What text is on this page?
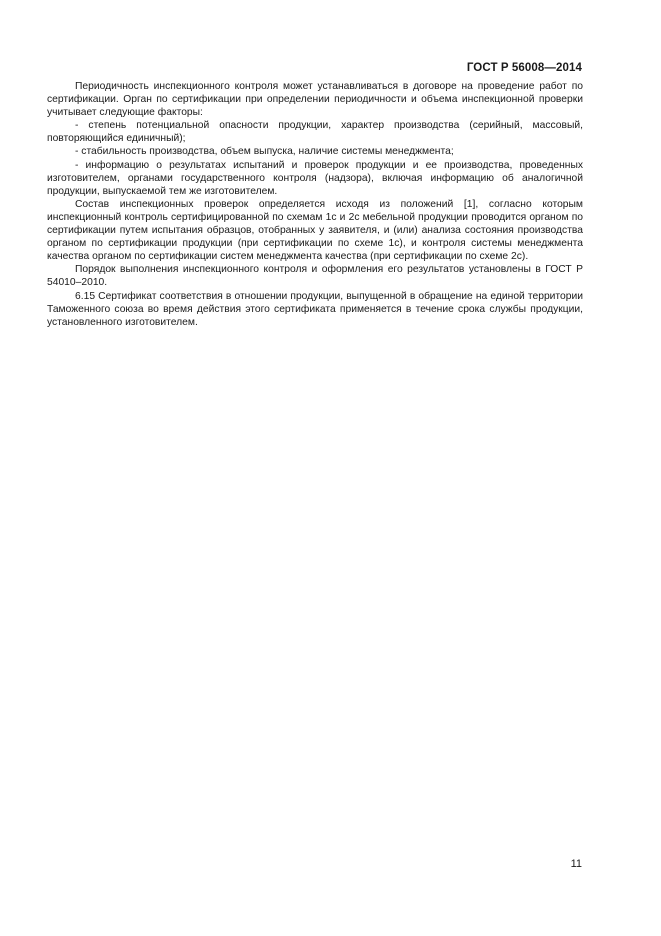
ГОСТ Р 56008—2014

Периодичность инспекционного контроля может устанавливаться в договоре на проведение работ по сертификации. Орган по сертификации при определении периодичности и объема инспекционной проверки учитывает следующие факторы:

- степень потенциальной опасности продукции, характер производства (серийный, массовый, повторяющийся единичный);

- стабильность производства, объем выпуска, наличие системы менеджмента;

- информацию о результатах испытаний и проверок продукции и ее производства, проведенных изготовителем, органами государственного контроля (надзора), включая информацию об аналогичной продукции, выпускаемой тем же изготовителем.

Состав инспекционных проверок определяется исходя из положений [1], согласно которым инспекционный контроль сертифицированной по схемам 1с и 2с мебельной продукции проводится органом по сертификации путем испытания образцов, отобранных у заявителя, и (или) анализа состояния производства органом по сертификации продукции (при сертификации по схеме 1с), и контроля системы менеджмента качества органом по сертификации систем менеджмента качества (при сертификации по схеме 2с).

Порядок выполнения инспекционного контроля и оформления его результатов установлены в ГОСТ Р 54010–2010.

6.15 Сертификат соответствия в отношении продукции, выпущенной в обращение на единой территории Таможенного союза во время действия этого сертификата применяется в течение срока службы продукции, установленного изготовителем.

11
